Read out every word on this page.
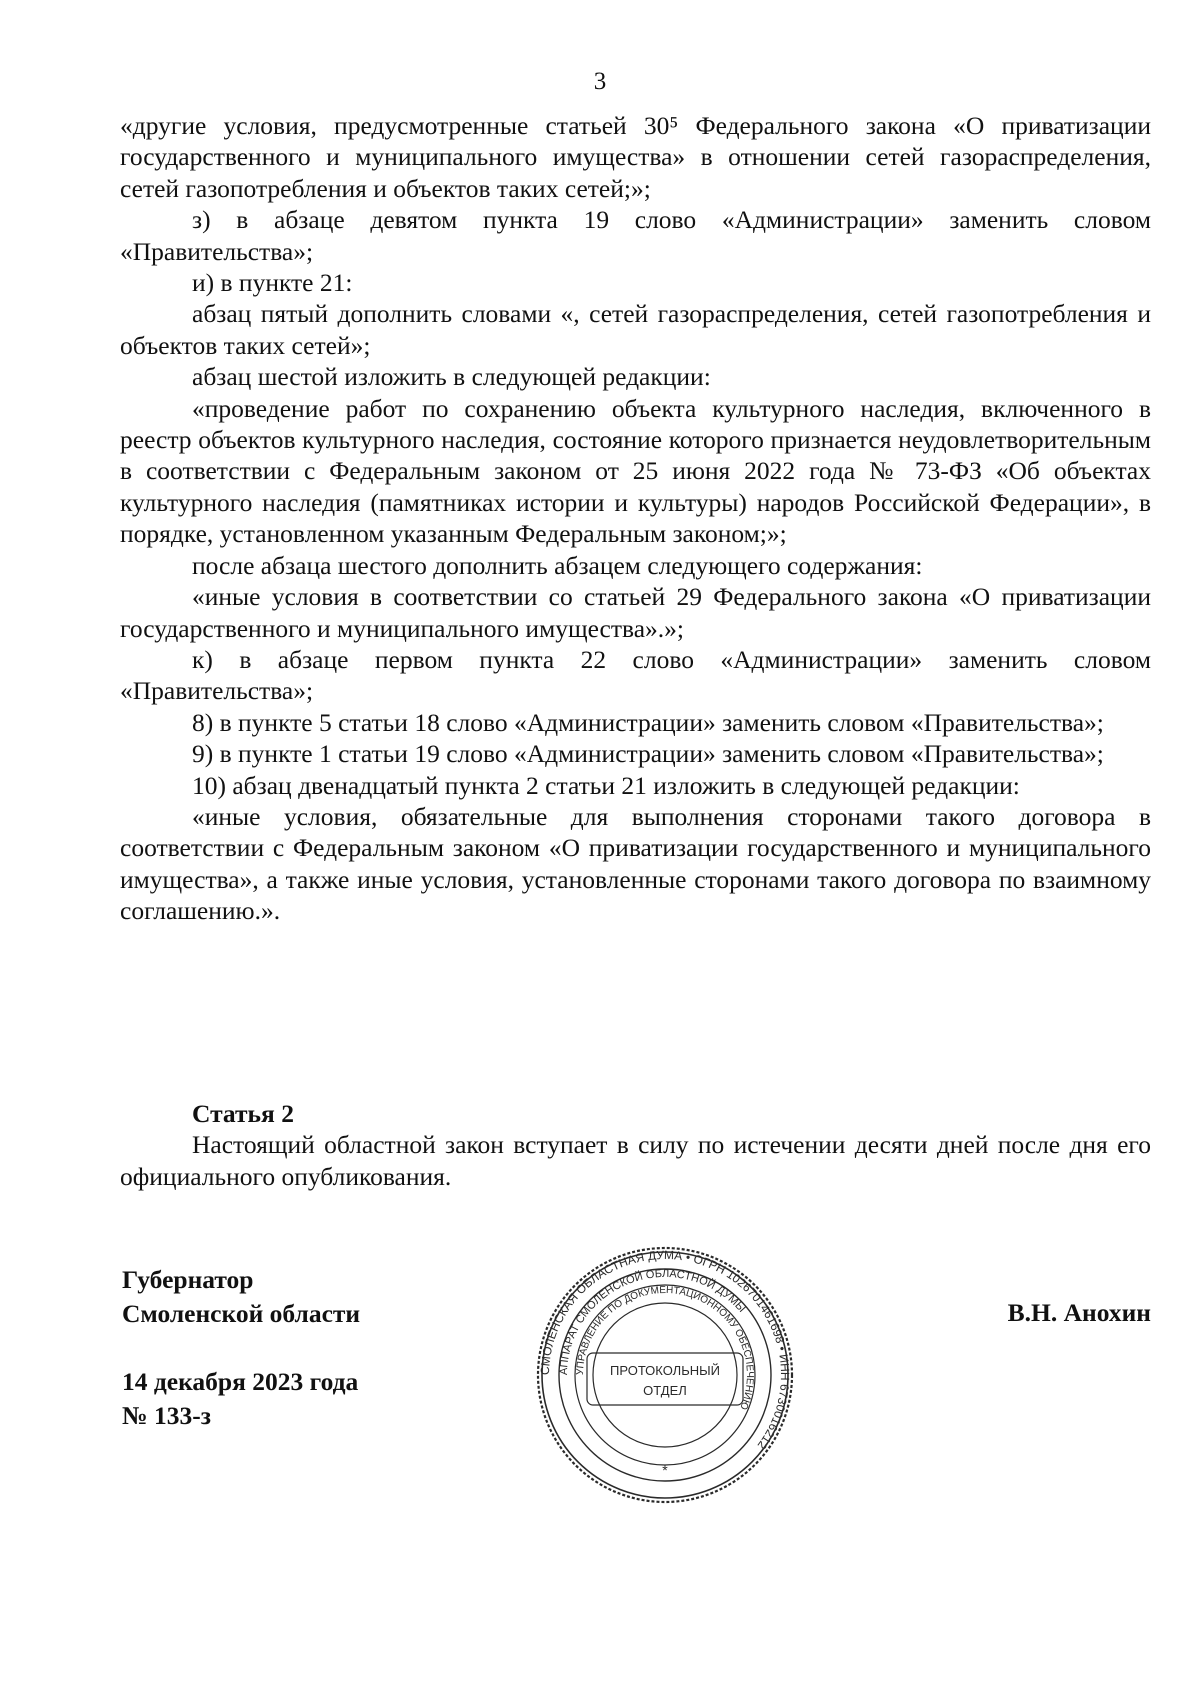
3

«другие условия, предусмотренные статьей 30⁵ Федерального закона «О приватизации государственного и муниципального имущества» в отношении сетей газораспределения, сетей газопотребления и объектов таких сетей;»;

з) в абзаце девятом пункта 19 слово «Администрации» заменить словом «Правительства»;

и) в пункте 21:

абзац пятый дополнить словами «, сетей газораспределения, сетей газопотребления и объектов таких сетей»;

абзац шестой изложить в следующей редакции:

«проведение работ по сохранению объекта культурного наследия, включенного в реестр объектов культурного наследия, состояние которого признается неудовлетворительным в соответствии с Федеральным законом от 25 июня 2022 года № 73-ФЗ «Об объектах культурного наследия (памятниках истории и культуры) народов Российской Федерации», в порядке, установленном указанным Федеральным законом;»;

после абзаца шестого дополнить абзацем следующего содержания:

«иные условия в соответствии со статьей 29 Федерального закона «О приватизации государственного и муниципального имущества».»;

к) в абзаце первом пункта 22 слово «Администрации» заменить словом «Правительства»;

8) в пункте 5 статьи 18 слово «Администрации» заменить словом «Правительства»;

9) в пункте 1 статьи 19 слово «Администрации» заменить словом «Правительства»;

10) абзац двенадцатый пункта 2 статьи 21 изложить в следующей редакции:

«иные условия, обязательные для выполнения сторонами такого договора в соответствии с Федеральным законом «О приватизации государственного и муниципального имущества», а также иные условия, установленные сторонами такого договора по взаимному соглашению.».

Статья 2

Настоящий областной закон вступает в силу по истечении десяти дней после дня его официального опубликования.

Губернатор

Смоленской области

14 декабря 2023 года

№ 133-з

В.Н. Анохин
СМОЛЕНСКАЯ ОБЛАСТНАЯ ДУМА • ОГРН 1026701461698 • ИНН 6730016212
АППАРАТ СМОЛЕНСКОЙ ОБЛАСТНОЙ ДУМЫ
УПРАВЛЕНИЕ ПО ДОКУМЕНТАЦИОННОМУ ОБЕСПЕЧЕНИЮ
ПРОТОКОЛЬНЫЙ
ОТДЕЛ
*
